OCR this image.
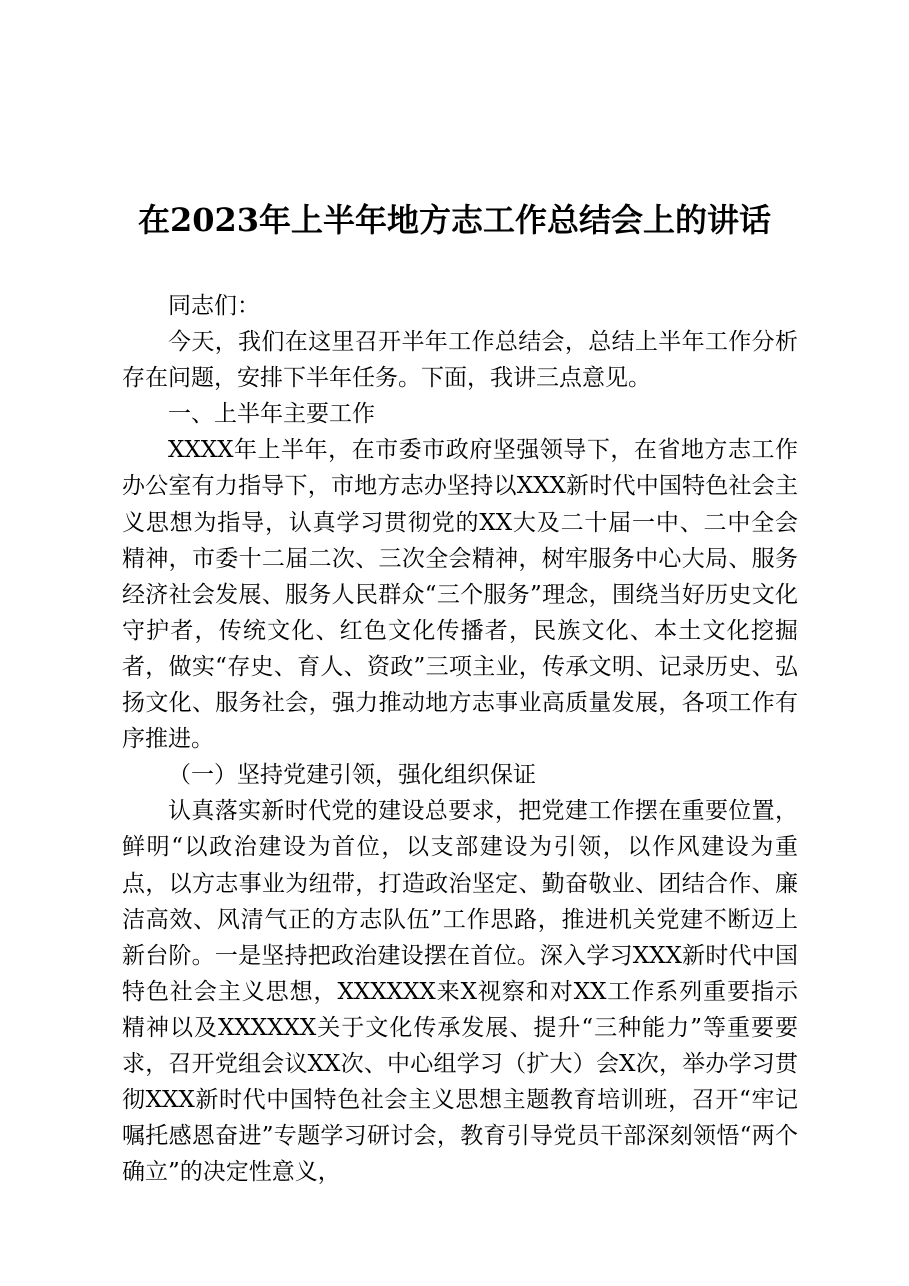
在2023年上半年地方志工作总结会上的讲话

同志们：

今天，我们在这里召开半年工作总结会，总结上半年工作分析存在问题，安排下半年任务。下面，我讲三点意见。

一、上半年主要工作

XXXX年上半年，在市委市政府坚强领导下，在省地方志工作办公室有力指导下，市地方志办坚持以XXX新时代中国特色社会主义思想为指导，认真学习贯彻党的XX大及二十届一中、二中全会精神，市委十二届二次、三次全会精神，树牢服务中心大局、服务经济社会发展、服务人民群众“三个服务”理念，围绕当好历史文化守护者，传统文化、红色文化传播者，民族文化、本土文化挖掘者，做实“存史、育人、资政”三项主业，传承文明、记录历史、弘扬文化、服务社会，强力推动地方志事业高质量发展，各项工作有序推进。

（一）坚持党建引领，强化组织保证

认真落实新时代党的建设总要求，把党建工作摆在重要位置，鲜明“以政治建设为首位，以支部建设为引领，以作风建设为重点，以方志事业为纽带，打造政治坚定、勤奋敬业、团结合作、廉洁高效、风清气正的方志队伍”工作思路，推进机关党建不断迈上新台阶。一是坚持把政治建设摆在首位。深入学习XXX新时代中国特色社会主义思想，XXXXXX来X视察和对XX工作系列重要指示精神以及XXXXXX关于文化传承发展、提升“三种能力”等重要要求，召开党组会议XX次、中心组学习（扩大）会X次，举办学习贯彻XXX新时代中国特色社会主义思想主题教育培训班，召开“牢记嘱托感恩奋进”专题学习研讨会，教育引导党员干部深刻领悟“两个确立”的决定性意义，
